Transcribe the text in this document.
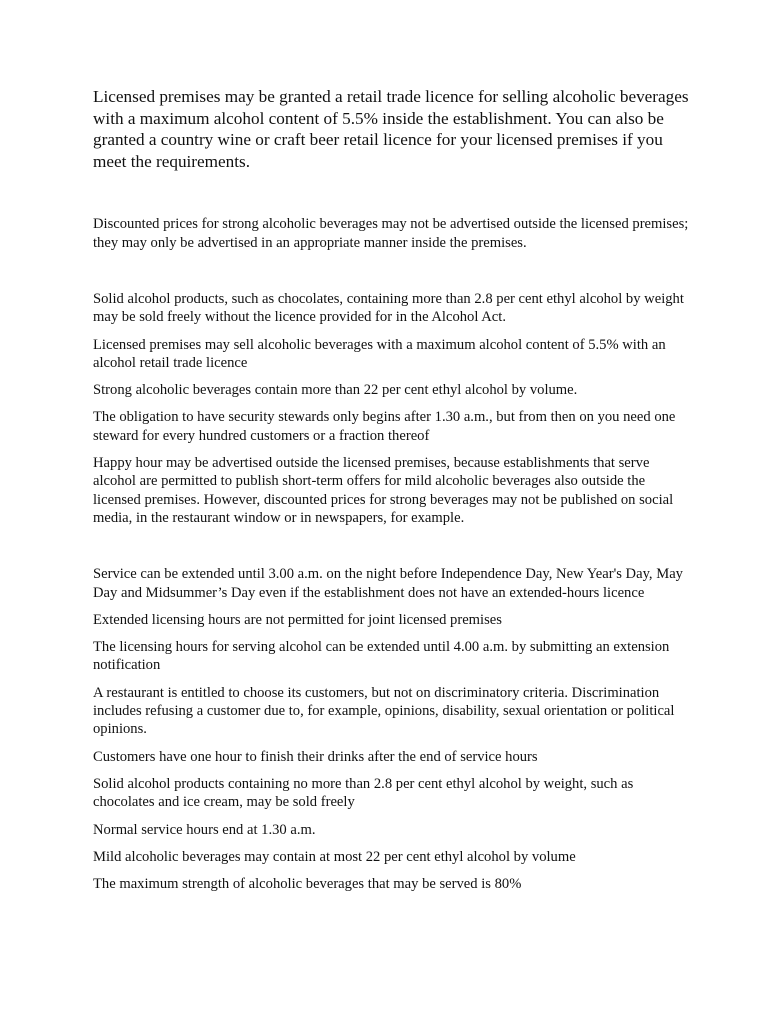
Licensed premises may be granted a retail trade licence for selling alcoholic beverages with a maximum alcohol content of 5.5% inside the establishment. You can also be granted a country wine or craft beer retail licence for your licensed premises if you meet the requirements.

Discounted prices for strong alcoholic beverages may not be advertised outside the licensed premises; they may only be advertised in an appropriate manner inside the premises.

Solid alcohol products, such as chocolates, containing more than 2.8 per cent ethyl alcohol by weight may be sold freely without the licence provided for in the Alcohol Act.

Licensed premises may sell alcoholic beverages with a maximum alcohol content of 5.5% with an alcohol retail trade licence

Strong alcoholic beverages contain more than 22 per cent ethyl alcohol by volume.

The obligation to have security stewards only begins after 1.30 a.m., but from then on you need one steward for every hundred customers or a fraction thereof

Happy hour may be advertised outside the licensed premises, because establishments that serve alcohol are permitted to publish short-term offers for mild alcoholic beverages also outside the licensed premises. However, discounted prices for strong beverages may not be published on social media, in the restaurant window or in newspapers, for example.

Service can be extended until 3.00 a.m. on the night before Independence Day, New Year's Day, May Day and Midsummer’s Day even if the establishment does not have an extended-hours licence

Extended licensing hours are not permitted for joint licensed premises

The licensing hours for serving alcohol can be extended until 4.00 a.m. by submitting an extension notification

A restaurant is entitled to choose its customers, but not on discriminatory criteria. Discrimination includes refusing a customer due to, for example, opinions, disability, sexual orientation or political opinions.

Customers have one hour to finish their drinks after the end of service hours

Solid alcohol products containing no more than 2.8 per cent ethyl alcohol by weight, such as chocolates and ice cream, may be sold freely

Normal service hours end at 1.30 a.m.

Mild alcoholic beverages may contain at most 22 per cent ethyl alcohol by volume

The maximum strength of alcoholic beverages that may be served is 80%
